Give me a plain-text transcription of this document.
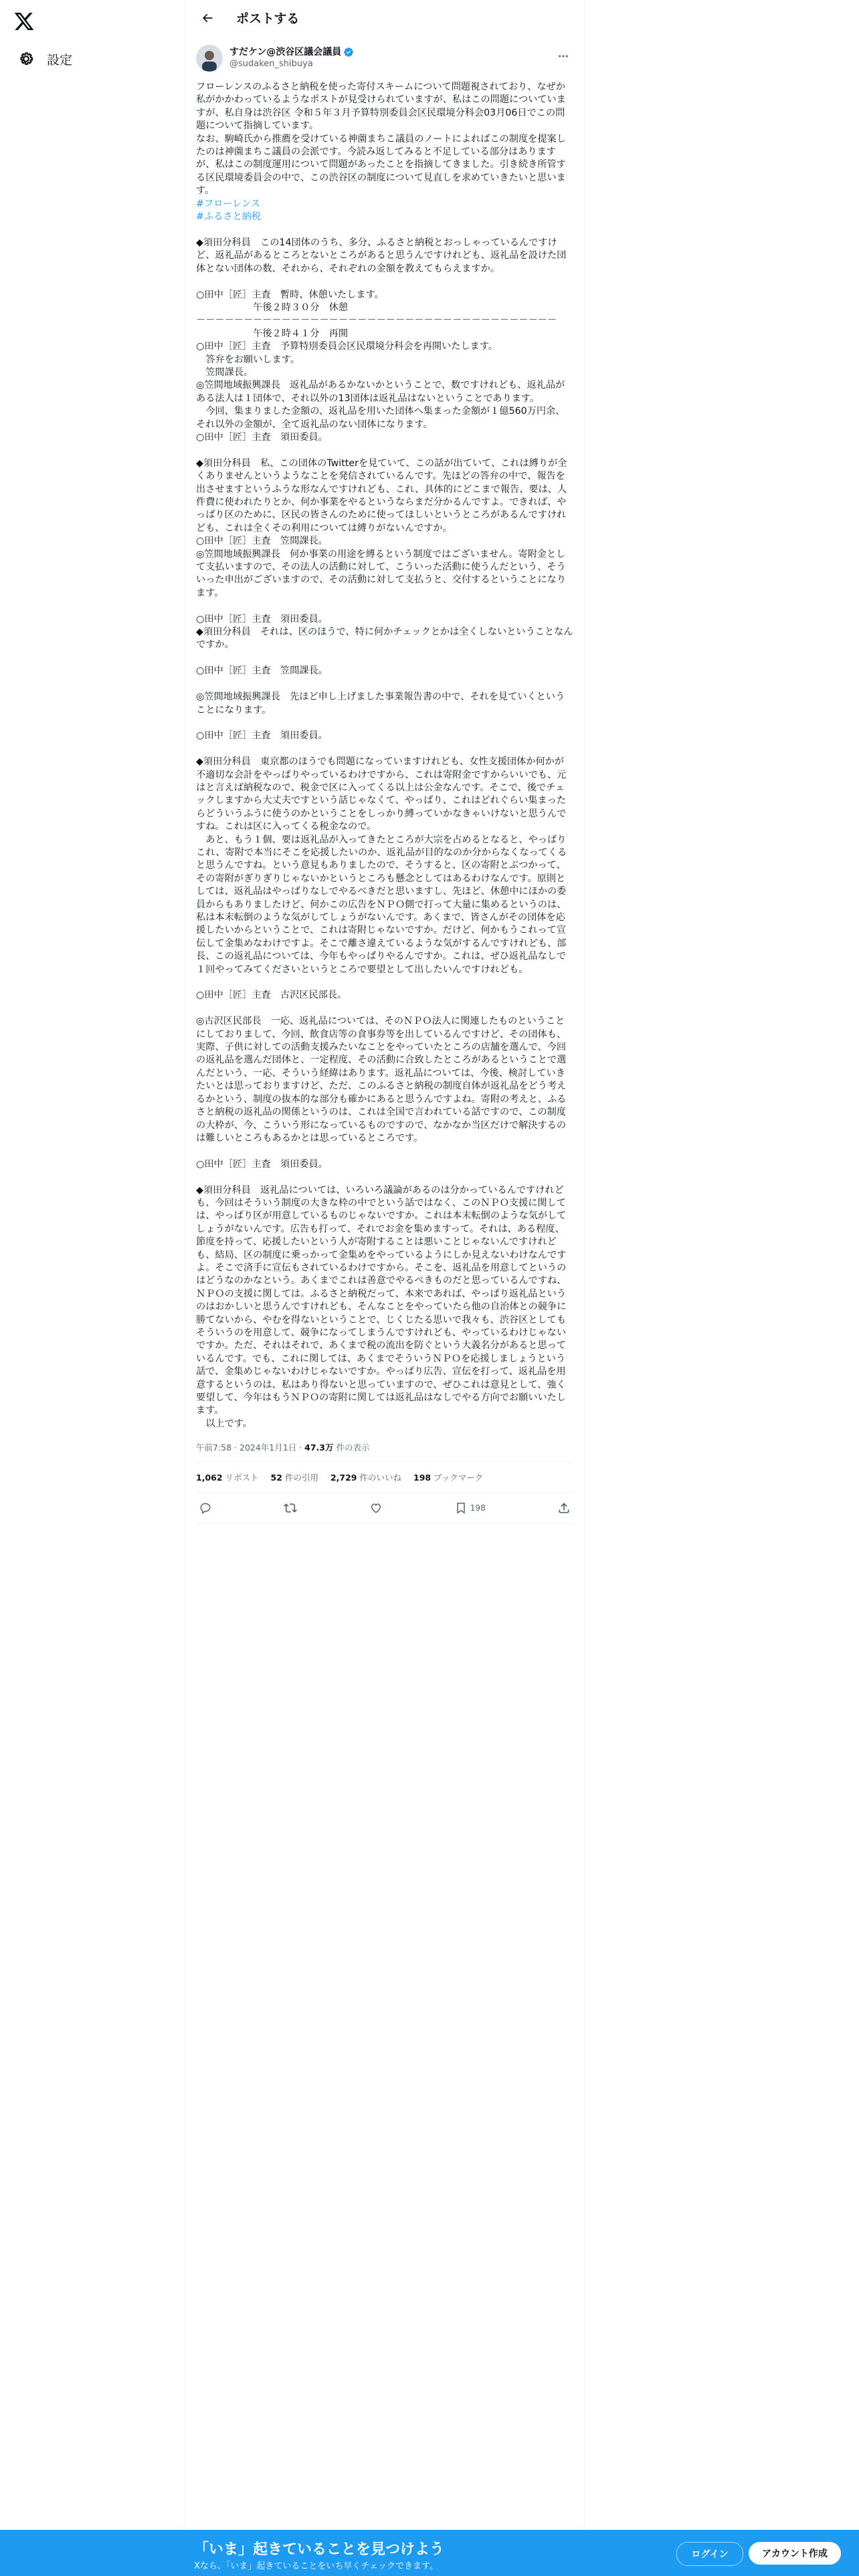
設定
ポストする
すだケン@渋谷区議会議員
@sudaken_shibuya
フローレンスのふるさと納税を使った寄付スキームについて問題視されており、なぜか私がかかわっているようなポストが見受けられていますが、私はこの問題についていますが、私自身は渋谷区 令和５年３月予算特別委員会区民環境分科会03月06日でこの問題について指摘しています。
なお、駒崎氏から推薦を受けている神薗まちこ議員のノートによればこの制度を提案したのは神薗まちこ議員の会派です。今読み返してみると不足している部分はありますが、私はこの制度運用について問題があったことを指摘してきました。引き続き所管する区民環境委員会の中で、この渋谷区の制度について見直しを求めていきたいと思います。
#フローレンス
#ふるさと納税

◆須田分科員　この14団体のうち、多分、ふるさと納税とおっしゃっているんですけど、返礼品があるところとないところがあると思うんですけれども、返礼品を設けた団体とない団体の数、それから、それぞれの金額を教えてもらえますか。

○田中［匠］主査　暫時、休憩いたします。
　　　　　　午後２時３０分　休憩
－－－－－－－－－－－－－－－－－－－－－－－－－－－－－－－－－－－－－－
　　　　　　午後２時４１分　再開
○田中［匠］主査　予算特別委員会区民環境分科会を再開いたします。
　答弁をお願いします。
　笠間課長。
◎笠間地域振興課長　返礼品があるかないかということで、数ですけれども、返礼品がある法人は１団体で、それ以外の13団体は返礼品はないということであります。
　今回、集まりました金額の、返礼品を用いた団体へ集まった金額が１億560万円余、それ以外の金額が、全て返礼品のない団体になります。
○田中［匠］主査　須田委員。

◆須田分科員　私、この団体のTwitterを見ていて、この話が出ていて、これは縛りが全くありませんというようなことを発信されているんです。先ほどの答弁の中で、報告を出させますというふうな形なんですけれども、これ、具体的にどこまで報告、要は、人件費に使われたりとか、何か事業をやるというならまだ分かるんですよ。できれば、やっぱり区のために、区民の皆さんのために使ってほしいというところがあるんですけれども、これは全くその利用については縛りがないんですか。
○田中［匠］主査　笠間課長。
◎笠間地域振興課長　何か事業の用途を縛るという制度ではございません。寄附金として支払いますので、その法人の活動に対して、こういった活動に使うんだという、そういった申出がございますので、その活動に対して支払うと、交付するということになります。

○田中［匠］主査　須田委員。
◆須田分科員　それは、区のほうで、特に何かチェックとかは全くしないということなんですか。

○田中［匠］主査　笠間課長。

◎笠間地域振興課長　先ほど申し上げました事業報告書の中で、それを見ていくということになります。

○田中［匠］主査　須田委員。

◆須田分科員　東京都のほうでも問題になっていますけれども、女性支援団体か何かが不適切な会計をやっぱりやっているわけですから、これは寄附金ですからいいでも、元はと言えば納税なので、税金で区に入ってくる以上は公金なんです。そこで、後でチェックしますから大丈夫ですという話じゃなくて、やっぱり、これはどれぐらい集まったらどういうふうに使うのかということをしっかり縛っていかなきゃいけないと思うんですね。これは区に入ってくる税金なので。
　あと、もう１個、要は返礼品が入ってきたところが大宗を占めるとなると、やっぱりこれ、寄附で本当にそこを応援したいのか、返礼品が目的なのか分からなくなってくると思うんですね。という意見もありましたので、そうすると、区の寄附とぶつかって、その寄附がぎりぎりじゃないかというところも懸念としてはあるわけなんです。原則としては、返礼品はやっぱりなしでやるべきだと思いますし、先ほど、休憩中にほかの委員からもありましたけど、何かこの広告をＮＰＯ側で打って大量に集めるというのは、私は本末転倒のような気がしてしょうがないんです。あくまで、皆さんがその団体を応援したいからということで、これは寄附じゃないですか。だけど、何かもうこれって宣伝して金集めなわけですよ。そこで離さ違えているような気がするんですけれども、部長、この返礼品については、今年もやっぱりやるんですか。これは、ぜひ返礼品なしで１回やってみてくださいというところで要望として出したいんですけれども。

○田中［匠］主査　古沢区民部長。

◎古沢区民部長　一応、返礼品については、そのＮＰＯ法人に関連したものということにしておりまして、今回、飲食店等の食事券等を出しているんですけど、その団体も、実際、子供に対しての活動支援みたいなことをやっていたところの店舗を選んで、今回の返礼品を選んだ団体と、一定程度、その活動に合致したところがあるということで選んだという、一応、そういう経緯はあります。返礼品については、今後、検討していきたいとは思っておりますけど、ただ、このふるさと納税の制度自体が返礼品をどう考えるかという、制度の抜本的な部分も確かにあると思うんですよね。寄附の考えと、ふるさと納税の返礼品の関係というのは、これは全国で言われている話ですので、この制度の大枠が、今、こういう形になっているものですので、なかなか当区だけで解決するのは難しいところもあるかとは思っているところです。

○田中［匠］主査　須田委員。

◆須田分科員　返礼品については、いろいろ議論があるのは分かっているんですけれども、今回はそういう制度の大きな枠の中でという話ではなく、このＮＰＯ支援に関しては、やっぱり区が用意しているものじゃないですか。これは本末転倒のような気がしてしょうがないんです。広告も打って、それでお金を集めますって。それは、ある程度、節度を持って、応援したいという人が寄附することは悪いことじゃないんですけれども、結局、区の制度に乗っかって金集めをやっているようにしか見えないわけなんですよ。そこで済手に宣伝もされているわけですから。そこを、返礼品を用意してというのはどうなのかなという。あくまでこれは善意でやるべきものだと思っているんですね、ＮＰＯの支援に関しては。ふるさと納税だって、本来であれば、やっぱり返礼品というのはおかしいと思うんですけれども、そんなことをやっていたら他の自治体との競争に勝てないから、やむを得ないということで、じくじたる思いで我々も、渋谷区としてもそういうのを用意して、競争になってしまうんですけれども、やっているわけじゃないですか。ただ、それはそれで、あくまで税の流出を防ぐという大義名分があると思っているんです。でも、これに関しては、あくまでそういうＮＰＯを応援しましょうという話で、金集めじゃないわけじゃないですか。やっぱり広告、宣伝を打って、返礼品を用意するというのは、私はあり得ないと思っていますので、ぜひこれは意見として、強く要望して、今年はもうＮＰＯの寄附に関しては返礼品はなしでやる方向でお願いいたします。
　以上です。
午前7:58 · 2024年1月1日 · 47.3万 件の表示
1,062 リポスト 52 件の引用 2,729 件のいいね 198 ブックマーク
198
「いま」起きていることを見つけよう
Xなら、「いま」起きていることをいち早くチェックできます。
ログイン	アカウント作成
